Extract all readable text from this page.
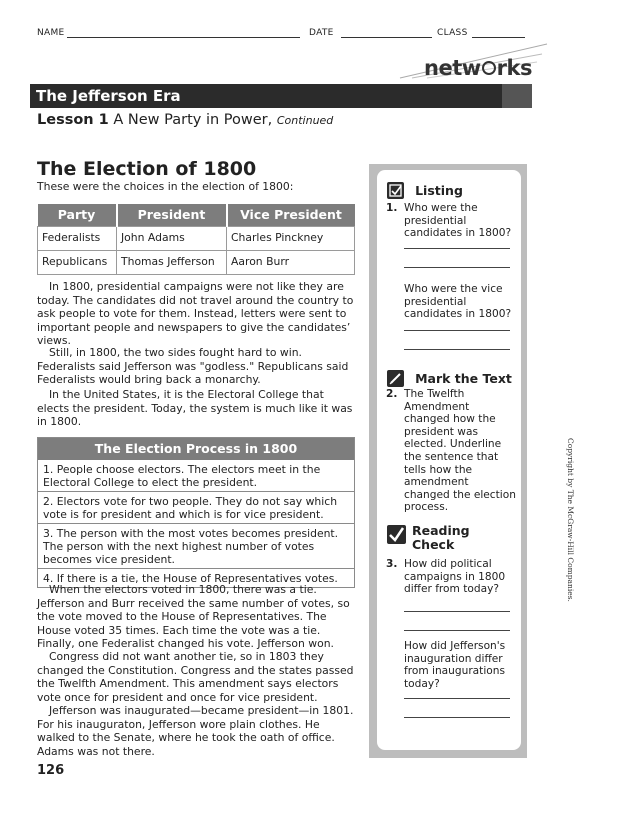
NAME	DATE	CLASS
netw rks
The Jefferson Era
Lesson 1 A New Party in Power, Continued
The Election of 1800
These were the choices in the election of 1800:
Party	President	Vice President
Federalists	John Adams	Charles Pinckney
Republicans	Thomas Jefferson	Aaron Burr
In 1800, presidential campaigns were not like they are today. The candidates did not travel around the country to ask people to vote for them. Instead, letters were sent to important people and newspapers to give the candidates’ views.
Still, in 1800, the two sides fought hard to win. Federalists said Jefferson was "godless." Republicans said Federalists would bring back a monarchy.
In the United States, it is the Electoral College that elects the president. Today, the system is much like it was in 1800.
The Election Process in 1800
1. People choose electors. The electors meet in the Electoral College to elect the president.
2. Electors vote for two people. They do not say which vote is for president and which is for vice president.
3. The person with the most votes becomes president. The person with the next highest number of votes becomes vice president.
4. If there is a tie, the House of Representatives votes.
When the electors voted in 1800, there was a tie. Jefferson and Burr received the same number of votes, so the vote moved to the House of Representatives. The House voted 35 times. Each time the vote was a tie. Finally, one Federalist changed his vote. Jefferson won.
Congress did not want another tie, so in 1803 they changed the Constitution. Congress and the states passed the Twelfth Amendment. This amendment says electors vote once for president and once for vice president.
Jefferson was inaugurated—became president—in 1801. For his inauguraton, Jefferson wore plain clothes. He walked to the Senate, where he took the oath of office. Adams was not there.
126
Listing
1. Who were the presidential candidates in 1800?
Who were the vice presidential candidates in 1800?
Mark the Text
2. The Twelfth Amendment changed how the president was elected. Underline the sentence that tells how the amendment changed the election process.
Reading
Check
3. How did political campaigns in 1800 differ from today?
How did Jefferson's inauguration differ from inaugurations today?
Copyright by The McGraw-Hill Companies.
